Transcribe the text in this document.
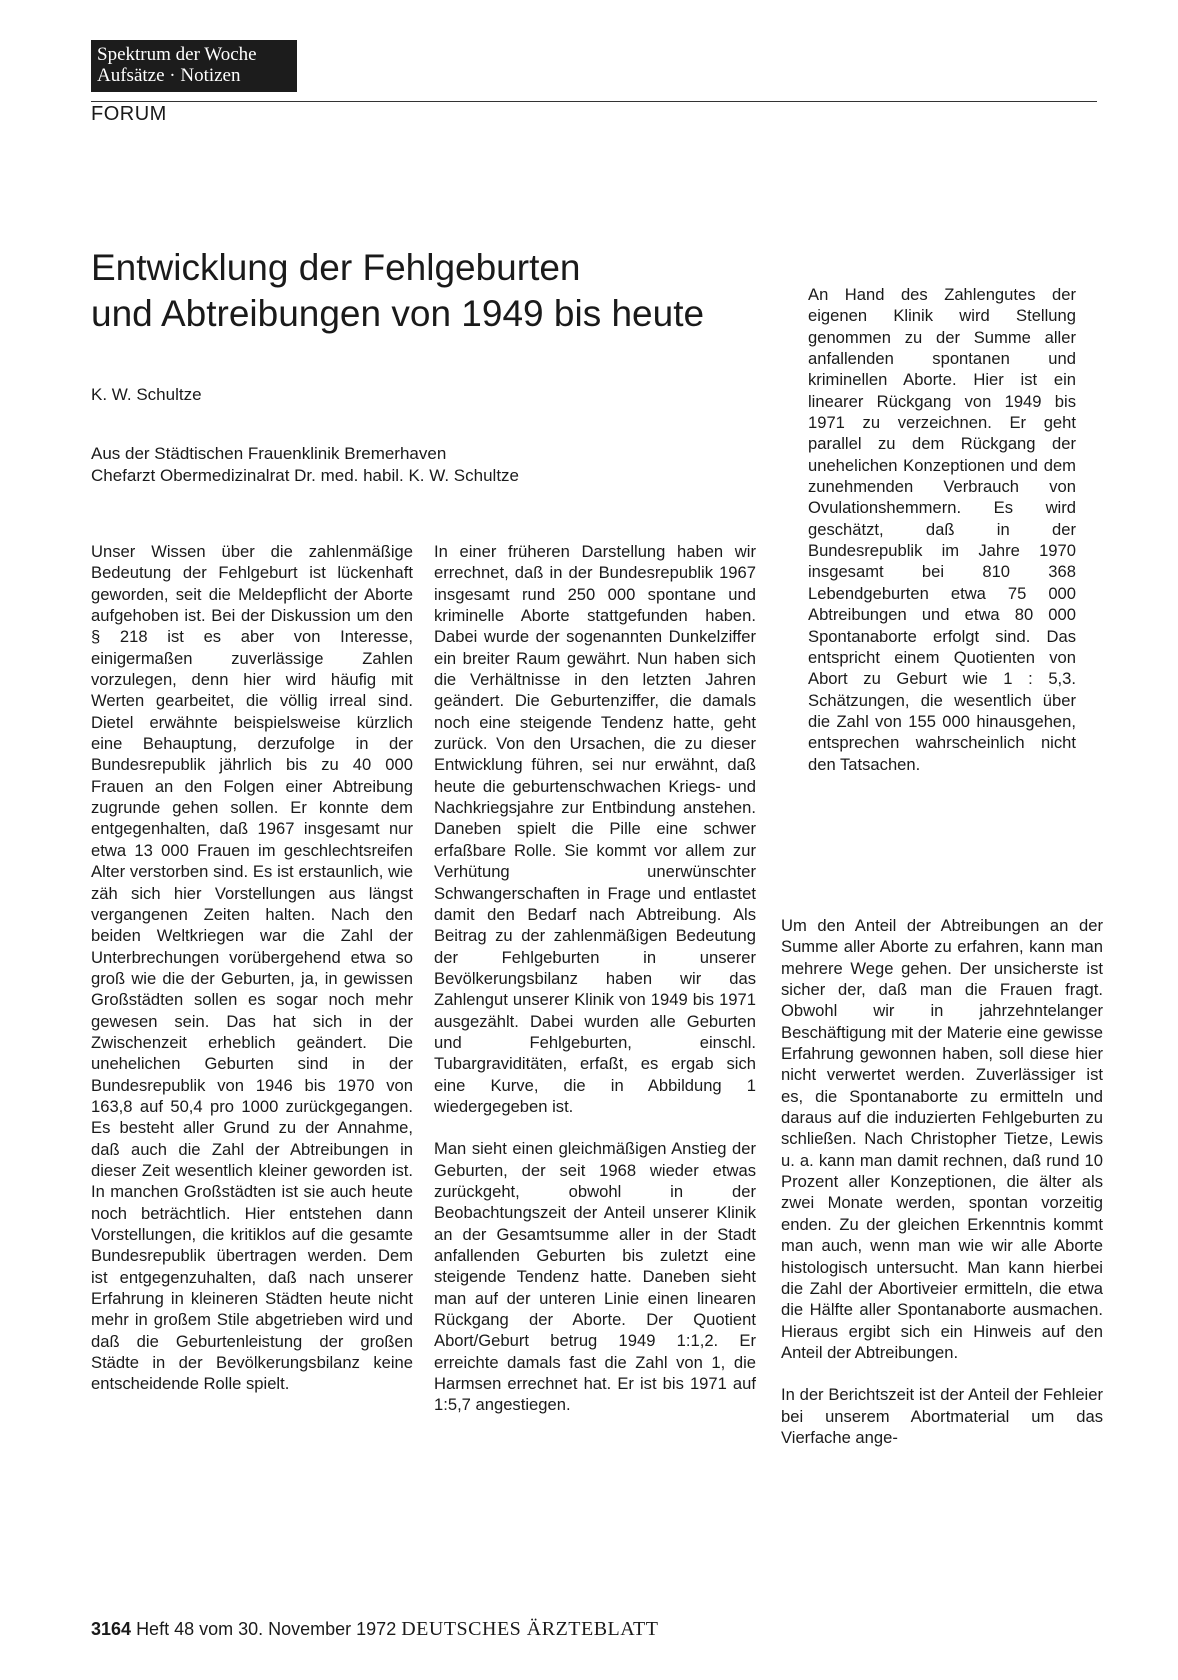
Spektrum der Woche
Aufsätze · Notizen
FORUM
Entwicklung der Fehlgeburten
und Abtreibungen von 1949 bis heute
K. W. Schultze
Aus der Städtischen Frauenklinik Bremerhaven
Chefarzt Obermedizinalrat Dr. med. habil. K. W. Schultze

Unser Wissen über die zahlenmäßige Bedeutung der Fehlgeburt ist lückenhaft geworden, seit die Meldepflicht der Aborte aufgehoben ist. Bei der Diskussion um den § 218 ist es aber von Interesse, einigermaßen zuverlässige Zahlen vorzulegen, denn hier wird häufig mit Werten gearbeitet, die völlig irreal sind. Dietel erwähnte beispielsweise kürzlich eine Behauptung, derzufolge in der Bundesrepublik jährlich bis zu 40 000 Frauen an den Folgen einer Abtreibung zugrunde gehen sollen. Er konnte dem entgegenhalten, daß 1967 insgesamt nur etwa 13 000 Frauen im geschlechtsreifen Alter verstorben sind. Es ist erstaunlich, wie zäh sich hier Vorstellungen aus längst vergangenen Zeiten halten. Nach den beiden Weltkriegen war die Zahl der Unterbrechungen vorübergehend etwa so groß wie die der Geburten, ja, in gewissen Großstädten sollen es sogar noch mehr gewesen sein. Das hat sich in der Zwischenzeit erheblich geändert. Die unehelichen Geburten sind in der Bundesrepublik von 1946 bis 1970 von 163,8 auf 50,4 pro 1000 zurückgegangen. Es besteht aller Grund zu der Annahme, daß auch die Zahl der Abtreibungen in dieser Zeit wesentlich kleiner geworden ist. In manchen Großstädten ist sie auch heute noch beträchtlich. Hier entstehen dann Vorstellungen, die kritiklos auf die gesamte Bundesrepublik übertragen werden. Dem ist entgegenzuhalten, daß nach unserer Erfahrung in kleineren Städten heute nicht mehr in großem Stile abgetrieben wird und daß die Geburtenleistung der großen Städte in der Bevölkerungsbilanz keine entscheidende Rolle spielt.

In einer früheren Darstellung haben wir errechnet, daß in der Bundesrepublik 1967 insgesamt rund 250 000 spontane und kriminelle Aborte stattgefunden haben. Dabei wurde der sogenannten Dunkelziffer ein breiter Raum gewährt. Nun haben sich die Verhältnisse in den letzten Jahren geändert. Die Geburtenziffer, die damals noch eine steigende Tendenz hatte, geht zurück. Von den Ursachen, die zu dieser Entwicklung führen, sei nur erwähnt, daß heute die geburtenschwachen Kriegs- und Nachkriegsjahre zur Entbindung anstehen. Daneben spielt die Pille eine schwer erfaßbare Rolle. Sie kommt vor allem zur Verhütung unerwünschter Schwangerschaften in Frage und entlastet damit den Bedarf nach Abtreibung. Als Beitrag zu der zahlenmäßigen Bedeutung der Fehlgeburten in unserer Bevölkerungsbilanz haben wir das Zahlengut unserer Klinik von 1949 bis 1971 ausgezählt. Dabei wurden alle Geburten und Fehlgeburten, einschl. Tubargraviditäten, erfaßt, es ergab sich eine Kurve, die in Abbildung 1 wiedergegeben ist.

Man sieht einen gleichmäßigen Anstieg der Geburten, der seit 1968 wieder etwas zurückgeht, obwohl in der Beobachtungszeit der Anteil unserer Klinik an der Gesamtsumme aller in der Stadt anfallenden Geburten bis zuletzt eine steigende Tendenz hatte. Daneben sieht man auf der unteren Linie einen linearen Rückgang der Aborte. Der Quotient Abort/Geburt betrug 1949 1:1,2. Er erreichte damals fast die Zahl von 1, die Harmsen errechnet hat. Er ist bis 1971 auf 1:5,7 angestiegen.

An Hand des Zahlengutes der eigenen Klinik wird Stellung genommen zu der Summe aller anfallenden spontanen und kriminellen Aborte. Hier ist ein linearer Rückgang von 1949 bis 1971 zu verzeichnen. Er geht parallel zu dem Rückgang der unehelichen Konzeptionen und dem zunehmenden Verbrauch von Ovulationshemmern. Es wird geschätzt, daß in der Bundesrepublik im Jahre 1970 insgesamt bei 810 368 Lebendgeburten etwa 75 000 Abtreibungen und etwa 80 000 Spontanaborte erfolgt sind. Das entspricht einem Quotienten von Abort zu Geburt wie 1 : 5,3. Schätzungen, die wesentlich über die Zahl von 155 000 hinausgehen, entsprechen wahrscheinlich nicht den Tatsachen.

Um den Anteil der Abtreibungen an der Summe aller Aborte zu erfahren, kann man mehrere Wege gehen. Der unsicherste ist sicher der, daß man die Frauen fragt. Obwohl wir in jahrzehntelanger Beschäftigung mit der Materie eine gewisse Erfahrung gewonnen haben, soll diese hier nicht verwertet werden. Zuverlässiger ist es, die Spontanaborte zu ermitteln und daraus auf die induzierten Fehlgeburten zu schließen. Nach Christopher Tietze, Lewis u. a. kann man damit rechnen, daß rund 10 Prozent aller Konzeptionen, die älter als zwei Monate werden, spontan vorzeitig enden. Zu der gleichen Erkenntnis kommt man auch, wenn man wie wir alle Aborte histologisch untersucht. Man kann hierbei die Zahl der Abortiveier ermitteln, die etwa die Hälfte aller Spontanaborte ausmachen. Hieraus ergibt sich ein Hinweis auf den Anteil der Abtreibungen.

In der Berichtszeit ist der Anteil der Fehleier bei unserem Abortmaterial um das Vierfache ange-

3164 Heft 48 vom 30. November 1972 DEUTSCHES ÄRZTEBLATT
